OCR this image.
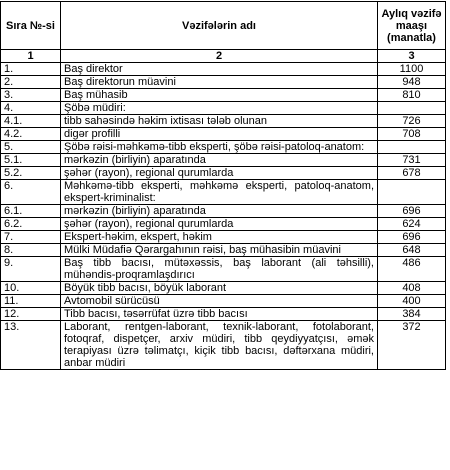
Sıra №-si	Vəzifələrin adı	Aylıq vəzifə maaşı (manatla)
1	2	3
1.	Baş direktor	1100
2.	Baş direktorun müavini	948
3.	Baş mühasib	810
4.	Şöbə müdiri:	
4.1.	tibb sahəsində həkim ixtisası tələb olunan	726
4.2.	digər profilli	708
5.	Şöbə rəisi-məhkəmə-tibb eksperti, şöbə rəisi-patoloq-anatom:	
5.1.	mərkəzin (birliyin) aparatında	731
5.2.	şəhər (rayon), regional qurumlarda	678
6.	Məhkəmə-tibb eksperti, məhkəmə eksperti, patoloq-anatom, ekspert-kriminalist:	
6.1.	mərkəzin (birliyin) aparatında	696
6.2.	şəhər (rayon), regional qurumlarda	624
7.	Ekspert-həkim, ekspert, həkim	696
8.	Mülki Müdafiə Qərargahının rəisi, baş mühasibin müavini	648
9.	Baş tibb bacısı, mütəxəssis, baş laborant (ali təhsilli), mühəndis-proqramlaşdırıcı	486
10.	Böyük tibb bacısı, böyük laborant	408
11.	Avtomobil sürücüsü	400
12.	Tibb bacısı, təsərrüfat üzrə tibb bacısı	384
13.	Laborant, rentgen-laborant, texnik-laborant, fotolaborant, fotoqraf, dispetçer, arxiv müdiri, tibb qeydiyyatçısı, əmək terapiyası üzrə təlimatçı, kiçik tibb bacısı, dəftərxana müdiri, anbar müdiri	372
